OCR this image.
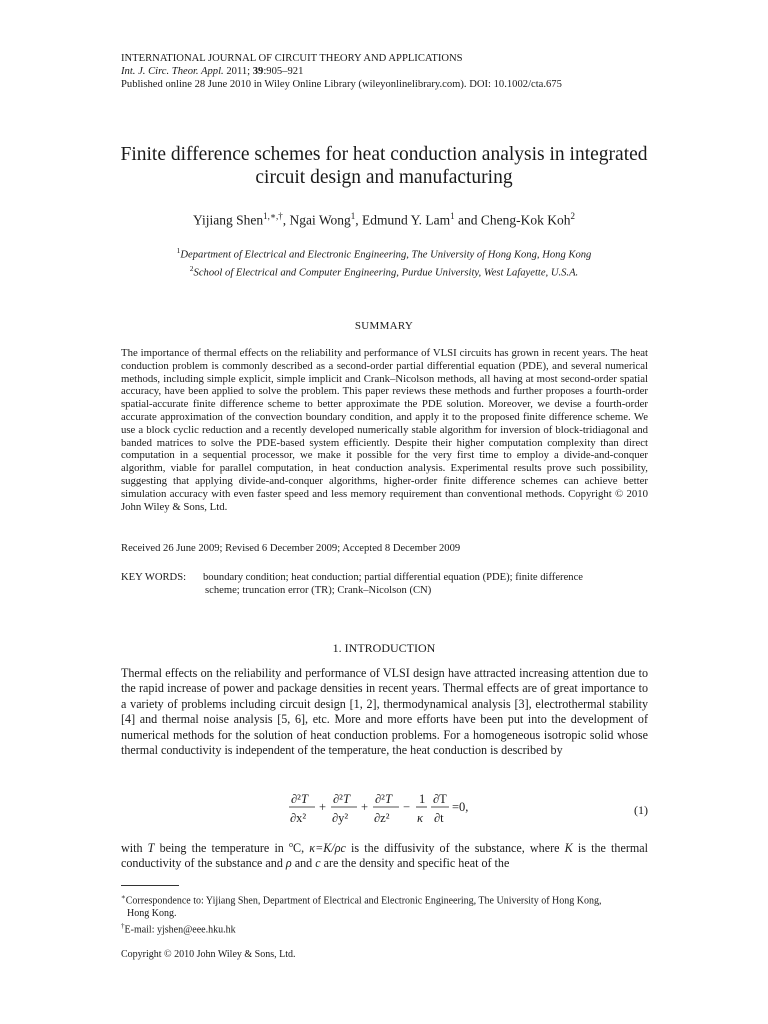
INTERNATIONAL JOURNAL OF CIRCUIT THEORY AND APPLICATIONS
Int. J. Circ. Theor. Appl. 2011; 39:905–921
Published online 28 June 2010 in Wiley Online Library (wileyonlinelibrary.com). DOI: 10.1002/cta.675
Finite difference schemes for heat conduction analysis in integrated
circuit design and manufacturing
Yijiang Shen$^{1,∗,\dagger}$, Ngai Wong$^1$, Edmund Y. Lam$^1$ and Cheng-Kok Koh$^2$
$^1$Department of Electrical and Electronic Engineering, The University of Hong Kong, Hong Kong
$^2$School of Electrical and Computer Engineering, Purdue University, West Lafayette, U.S.A.
SUMMARY
The importance of thermal effects on the reliability and performance of VLSI circuits has grown in recent years. The heat conduction problem is commonly described as a second-order partial differential equation (PDE), and several numerical methods, including simple explicit, simple implicit and Crank–Nicolson methods, all having at most second-order spatial accuracy, have been applied to solve the problem. This paper reviews these methods and further proposes a fourth-order spatial-accurate finite difference scheme to better approximate the PDE solution. Moreover, we devise a fourth-order accurate approximation of the convection boundary condition, and apply it to the proposed finite difference scheme. We use a block cyclic reduction and a recently developed numerically stable algorithm for inversion of block-tridiagonal and banded matrices to solve the PDE-based system efficiently. Despite their higher computation complexity than direct computation in a sequential processor, we make it possible for the very first time to employ a divide-and-conquer algorithm, viable for parallel computation, in heat conduction analysis. Experimental results prove such possibility, suggesting that applying divide-and-conquer algorithms, higher-order finite difference schemes can achieve better simulation accuracy with even faster speed and less memory requirement than conventional methods. Copyright © 2010 John Wiley & Sons, Ltd.
Received 26 June 2009; Revised 6 December 2009; Accepted 8 December 2009
KEY WORDS: boundary condition; heat conduction; partial differential equation (PDE); finite difference
scheme; truncation error (TR); Crank–Nicolson (CN)
1. INTRODUCTION
Thermal effects on the reliability and performance of VLSI design have attracted increasing attention due to the rapid increase of power and package densities in recent years. Thermal effects are of great importance to a variety of problems including circuit design [1, 2], thermodynamical analysis [3], electrothermal stability [4] and thermal noise analysis [5, 6], etc. More and more efforts have been put into the development of numerical methods for the solution of heat conduction problems. For a homogeneous isotropic solid whose thermal conductivity is independent of the temperature, the heat conduction is described by
∂²T
∂x²
+
∂²T
∂y²
+
∂²T
∂z²
−
1
κ
∂T
∂t
=0,	(1)
with T being the temperature in $^o$C, κ=K/ρc is the diffusivity of the substance, where K is the thermal conductivity of the substance and ρ and c are the density and specific heat of the
∗Correspondence to: Yijiang Shen, Department of Electrical and Electronic Engineering, The University of Hong Kong,
Hong Kong.
†E-mail: yjshen@eee.hku.hk
Copyright © 2010 John Wiley & Sons, Ltd.
